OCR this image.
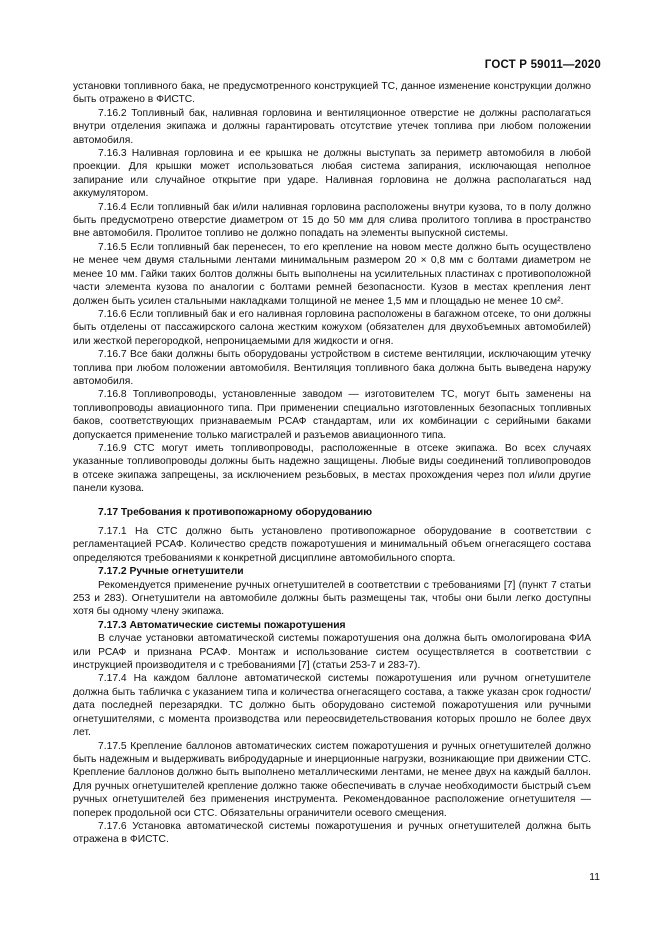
ГОСТ Р 59011—2020

установки топливного бака, не предусмотренного конструкцией ТС, данное изменение конструкции должно быть отражено в ФИСТС.

7.16.2 Топливный бак, наливная горловина и вентиляционное отверстие не должны располагаться внутри отделения экипажа и должны гарантировать отсутствие утечек топлива при любом положении автомобиля.

7.16.3 Наливная горловина и ее крышка не должны выступать за периметр автомобиля в любой проекции. Для крышки может использоваться любая система запирания, исключающая неполное запирание или случайное открытие при ударе. Наливная горловина не должна располагаться над аккумулятором.

7.16.4 Если топливный бак и/или наливная горловина расположены внутри кузова, то в полу должно быть предусмотрено отверстие диаметром от 15 до 50 мм для слива пролитого топлива в пространство вне автомобиля. Пролитое топливо не должно попадать на элементы выпускной системы.

7.16.5 Если топливный бак перенесен, то его крепление на новом месте должно быть осуществлено не менее чем двумя стальными лентами минимальным размером 20 × 0,8 мм с болтами диаметром не менее 10 мм. Гайки таких болтов должны быть выполнены на усилительных пластинах с противоположной части элемента кузова по аналогии с болтами ремней безопасности. Кузов в местах крепления лент должен быть усилен стальными накладками толщиной не менее 1,5 мм и площадью не менее 10 см².

7.16.6 Если топливный бак и его наливная горловина расположены в багажном отсеке, то они должны быть отделены от пассажирского салона жестким кожухом (обязателен для двухобъемных автомобилей) или жесткой перегородкой, непроницаемыми для жидкости и огня.

7.16.7 Все баки должны быть оборудованы устройством в системе вентиляции, исключающим утечку топлива при любом положении автомобиля. Вентиляция топливного бака должна быть выведена наружу автомобиля.

7.16.8 Топливопроводы, установленные заводом — изготовителем ТС, могут быть заменены на топливопроводы авиационного типа. При применении специально изготовленных безопасных топливных баков, соответствующих признаваемым РСАФ стандартам, или их комбинации с серийными баками допускается применение только магистралей и разъемов авиационного типа.

7.16.9 СТС могут иметь топливопроводы, расположенные в отсеке экипажа. Во всех случаях указанные топливопроводы должны быть надежно защищены. Любые виды соединений топливопроводов в отсеке экипажа запрещены, за исключением резьбовых, в местах прохождения через пол и/или другие панели кузова.

7.17 Требования к противопожарному оборудованию

7.17.1 На СТС должно быть установлено противопожарное оборудование в соответствии с регламентацией РСАФ. Количество средств пожаротушения и минимальный объем огнегасящего состава определяются требованиями к конкретной дисциплине автомобильного спорта.

7.17.2 Ручные огнетушители

Рекомендуется применение ручных огнетушителей в соответствии с требованиями [7] (пункт 7 статьи 253 и 283). Огнетушители на автомобиле должны быть размещены так, чтобы они были легко доступны хотя бы одному члену экипажа.

7.17.3 Автоматические системы пожаротушения

В случае установки автоматической системы пожаротушения она должна быть омологирована ФИА или РСАФ и признана РСАФ. Монтаж и использование систем осуществляется в соответствии с инструкцией производителя и с требованиями [7] (статьи 253-7 и 283-7).

7.17.4 На каждом баллоне автоматической системы пожаротушения или ручном огнетушителе должна быть табличка с указанием типа и количества огнегасящего состава, а также указан срок годности/дата последней перезарядки. ТС должно быть оборудовано системой пожаротушения или ручными огнетушителями, с момента производства или переосвидетельствования которых прошло не более двух лет.

7.17.5 Крепление баллонов автоматических систем пожаротушения и ручных огнетушителей должно быть надежным и выдерживать вибродударные и инерционные нагрузки, возникающие при движении СТС. Крепление баллонов должно быть выполнено металлическими лентами, не менее двух на каждый баллон. Для ручных огнетушителей крепление должно также обеспечивать в случае необходимости быстрый съем ручных огнетушителей без применения инструмента. Рекомендованное расположение огнетушителя — поперек продольной оси СТС. Обязательны ограничители осевого смещения.

7.17.6 Установка автоматической системы пожаротушения и ручных огнетушителей должна быть отражена в ФИСТС.

11
